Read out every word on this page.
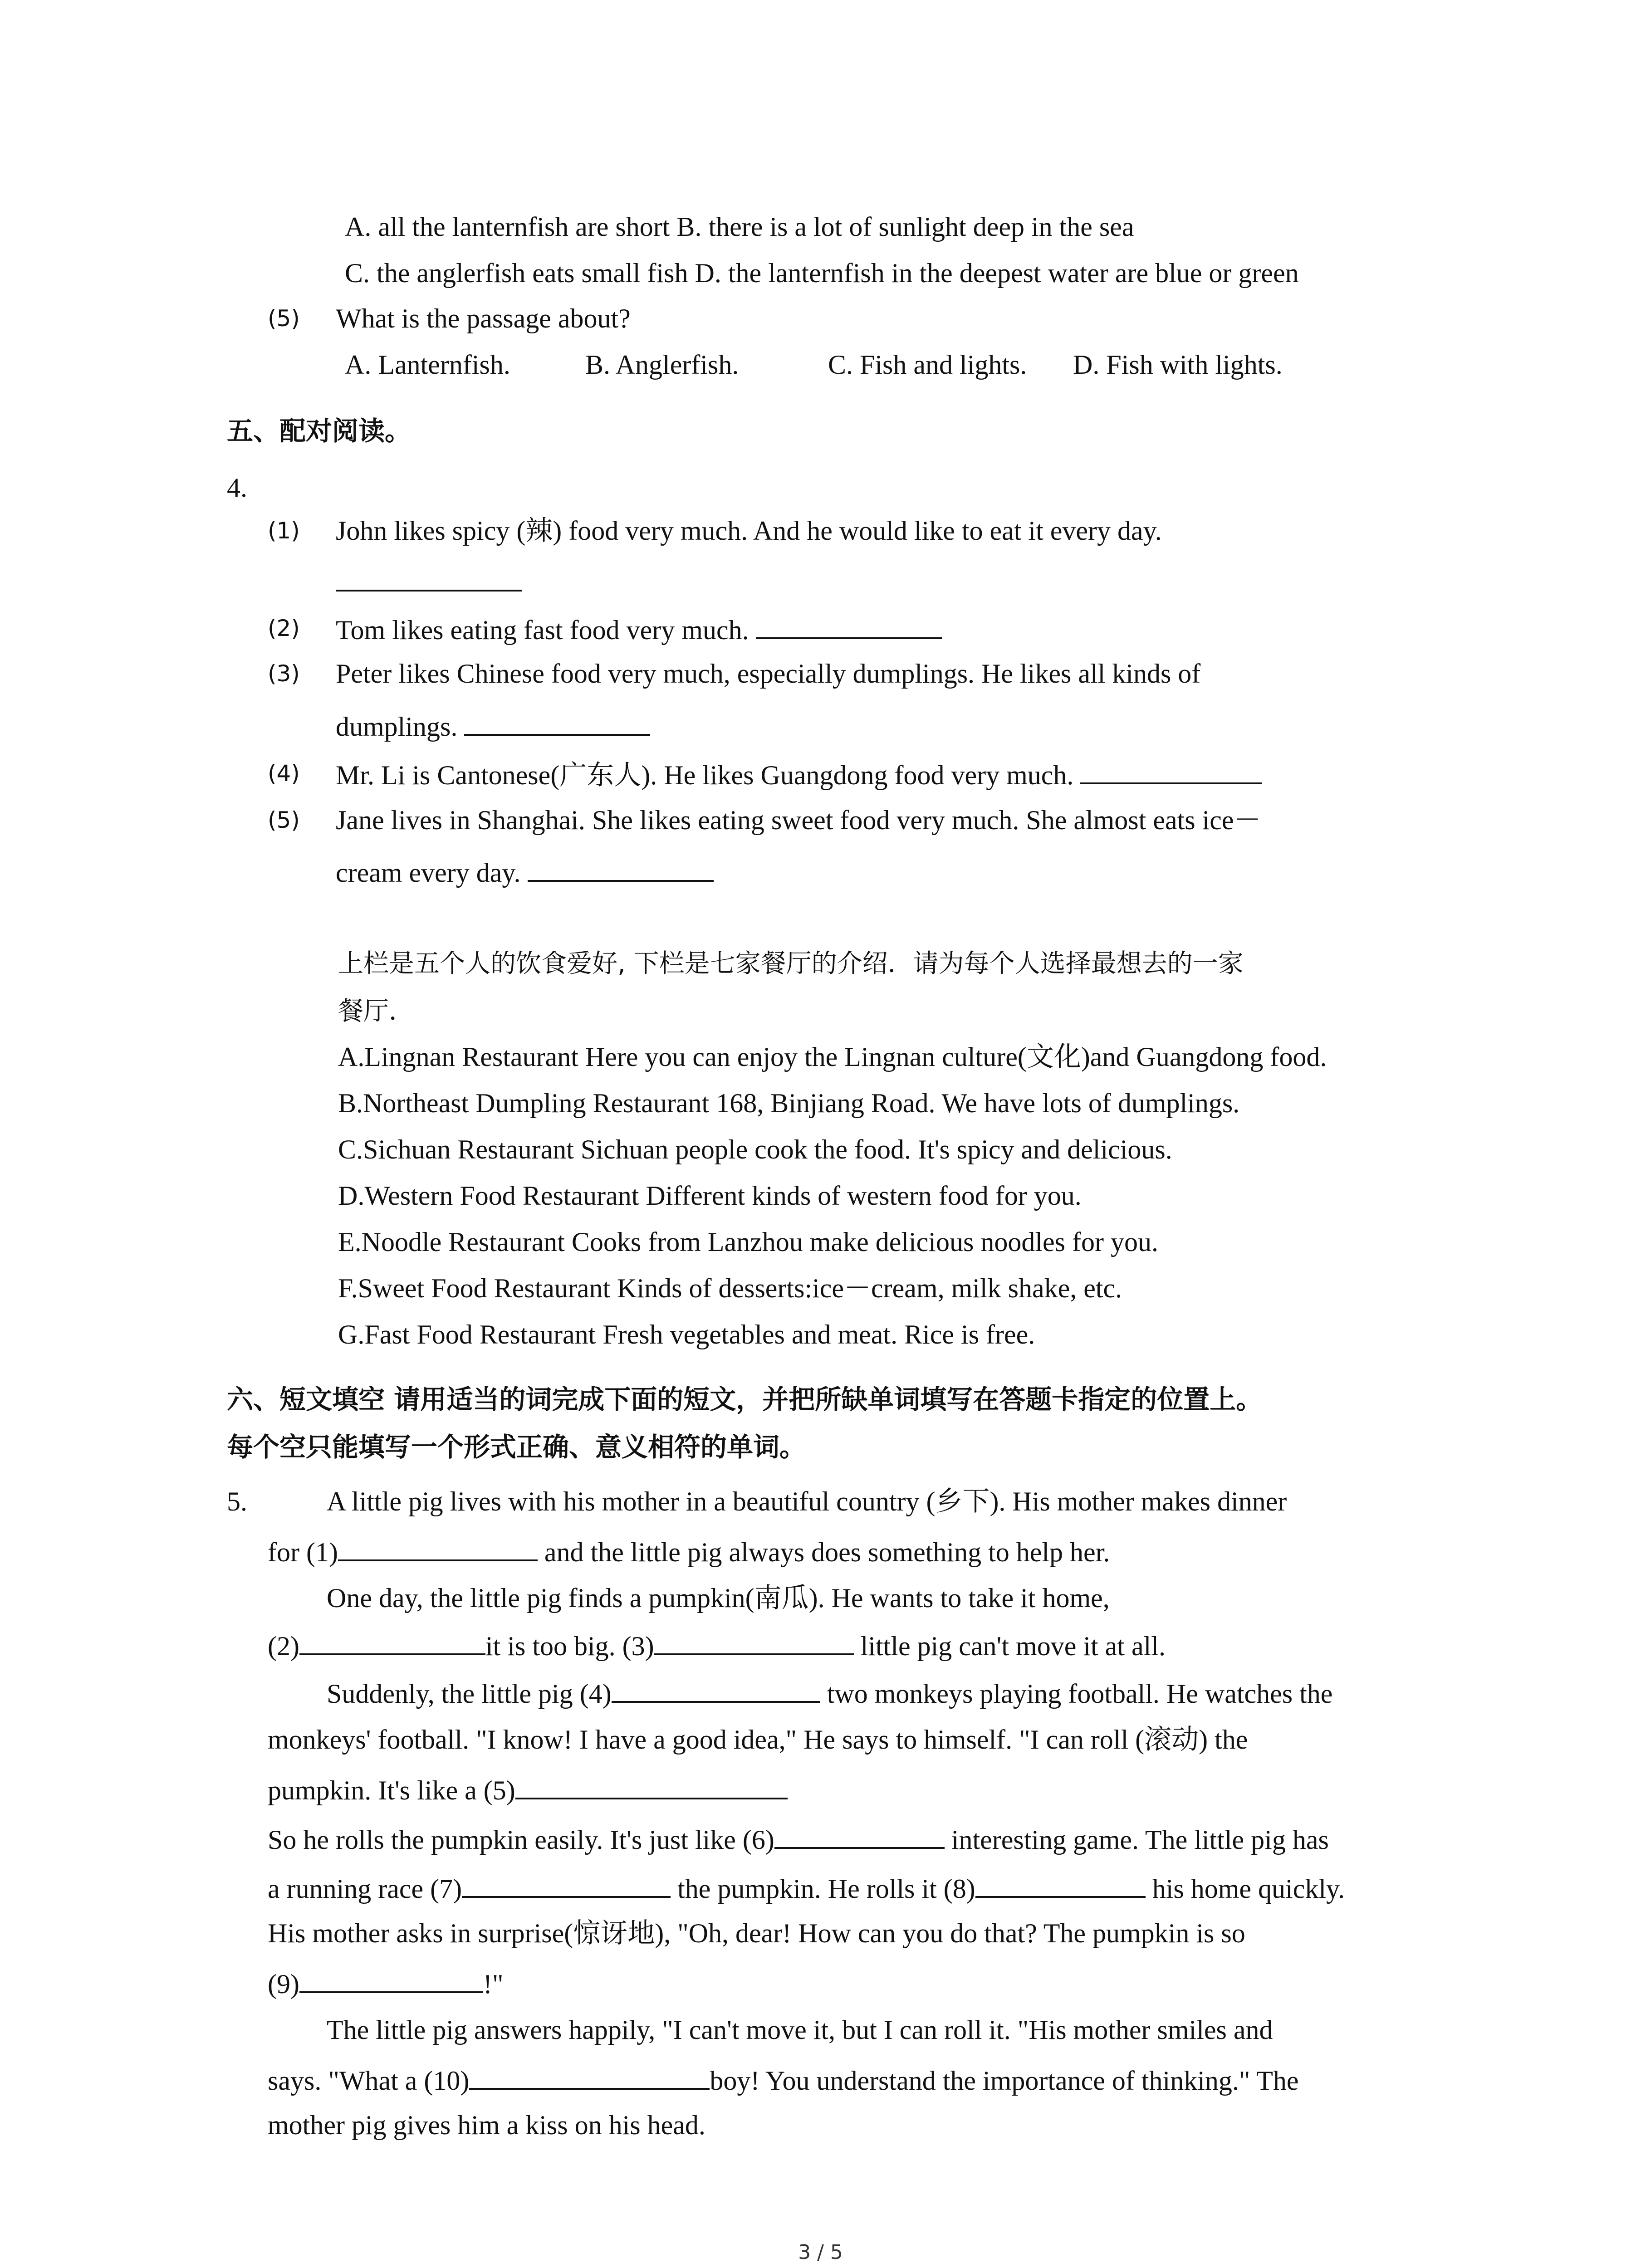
A. all the lanternfish are short B. there is a lot of sunlight deep in the sea
C. the anglerfish eats small fish D. the lanternfish in the deepest water are blue or green
(5) What is the passage about?
A. Lanternfish.	B. Anglerfish.	C. Fish and lights. D. Fish with lights.
五、配对阅读。
4.
(1) John likes spicy (辣) food very much. And he would like to eat it every day.
(2) Tom likes eating fast food very much.
(3) Peter likes Chinese food very much, especially dumplings. He likes all kinds of
dumplings.
(4) Mr. Li is Cantonese(广东人). He likes Guangdong food very much.
(5) Jane lives in Shanghai. She likes eating sweet food very much. She almost eats ice－
cream every day.
上栏是五个人的饮食爱好, 下栏是七家餐厅的介绍．请为每个人选择最想去的一家
餐厅．
A.Lingnan Restaurant Here you can enjoy the Lingnan culture(文化)and Guangdong food.
B.Northeast Dumpling Restaurant 168, Binjiang Road. We have lots of dumplings.
C.Sichuan Restaurant Sichuan people cook the food. It's spicy and delicious.
D.Western Food Restaurant Different kinds of western food for you.
E.Noodle Restaurant Cooks from Lanzhou make delicious noodles for you.
F.Sweet Food Restaurant Kinds of desserts:ice－cream, milk shake, etc.
G.Fast Food Restaurant Fresh vegetables and meat. Rice is free.
六、短文填空 请用适当的词完成下面的短文，并把所缺单词填写在答题卡指定的位置上。
每个空只能填写一个形式正确、意义相符的单词。
5.	A little pig lives with his mother in a beautiful country (乡下). His mother makes dinner
for (1)	and the little pig always does something to help her.
One day, the little pig finds a pumpkin(南瓜). He wants to take it home,
(2)	it is too big. (3)	little pig can't move it at all.
Suddenly, the little pig (4)	two monkeys playing football. He watches the
monkeys' football. "I know! I have a good idea," He says to himself. "I can roll (滚动) the
pumpkin. It's like a (5)
So he rolls the pumpkin easily. It's just like (6)	interesting game. The little pig has
a running race (7)	the pumpkin. He rolls it (8)	his home quickly.
His mother asks in surprise(惊讶地), "Oh, dear! How can you do that? The pumpkin is so
(9)	!"
The little pig answers happily, "I can't move it, but I can roll it. "His mother smiles and
says. "What a (10)	boy! You understand the importance of thinking." The
mother pig gives him a kiss on his head.
3 / 5
